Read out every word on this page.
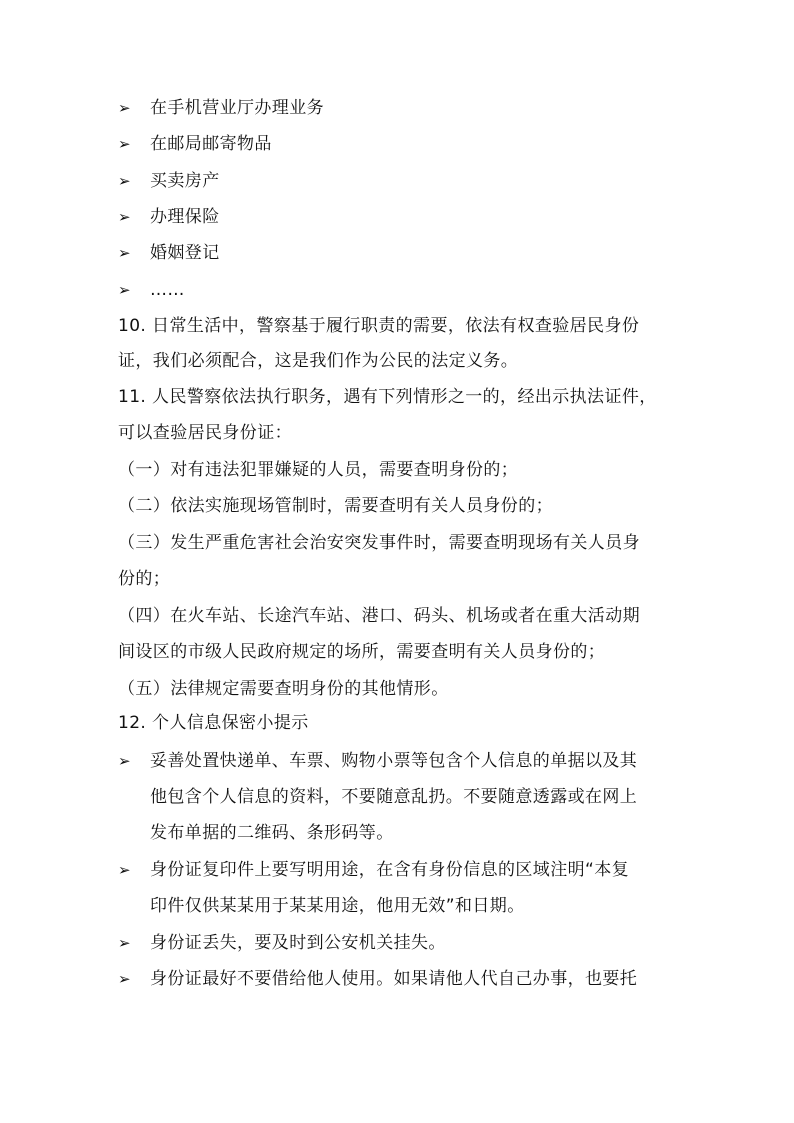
➢ 在手机营业厅办理业务
➢ 在邮局邮寄物品
➢ 买卖房产
➢ 办理保险
➢ 婚姻登记
➢ ……
10. 日常生活中，警察基于履行职责的需要，依法有权查验居民身份
证，我们必须配合，这是我们作为公民的法定义务。
11. 人民警察依法执行职务，遇有下列情形之一的，经出示执法证件，
可以查验居民身份证：
（一）对有违法犯罪嫌疑的人员，需要查明身份的；
（二）依法实施现场管制时，需要查明有关人员身份的；
（三）发生严重危害社会治安突发事件时，需要查明现场有关人员身
份的；
（四）在火车站、长途汽车站、港口、码头、机场或者在重大活动期
间设区的市级人民政府规定的场所，需要查明有关人员身份的；
（五）法律规定需要查明身份的其他情形。
12. 个人信息保密小提示
➢ 妥善处置快递单、车票、购物小票等包含个人信息的单据以及其
他包含个人信息的资料，不要随意乱扔。不要随意透露或在网上
发布单据的二维码、条形码等。
➢ 身份证复印件上要写明用途，在含有身份信息的区域注明“本复
印件仅供某某用于某某用途，他用无效”和日期。
➢ 身份证丢失，要及时到公安机关挂失。
➢ 身份证最好不要借给他人使用。如果请他人代自己办事，也要托
